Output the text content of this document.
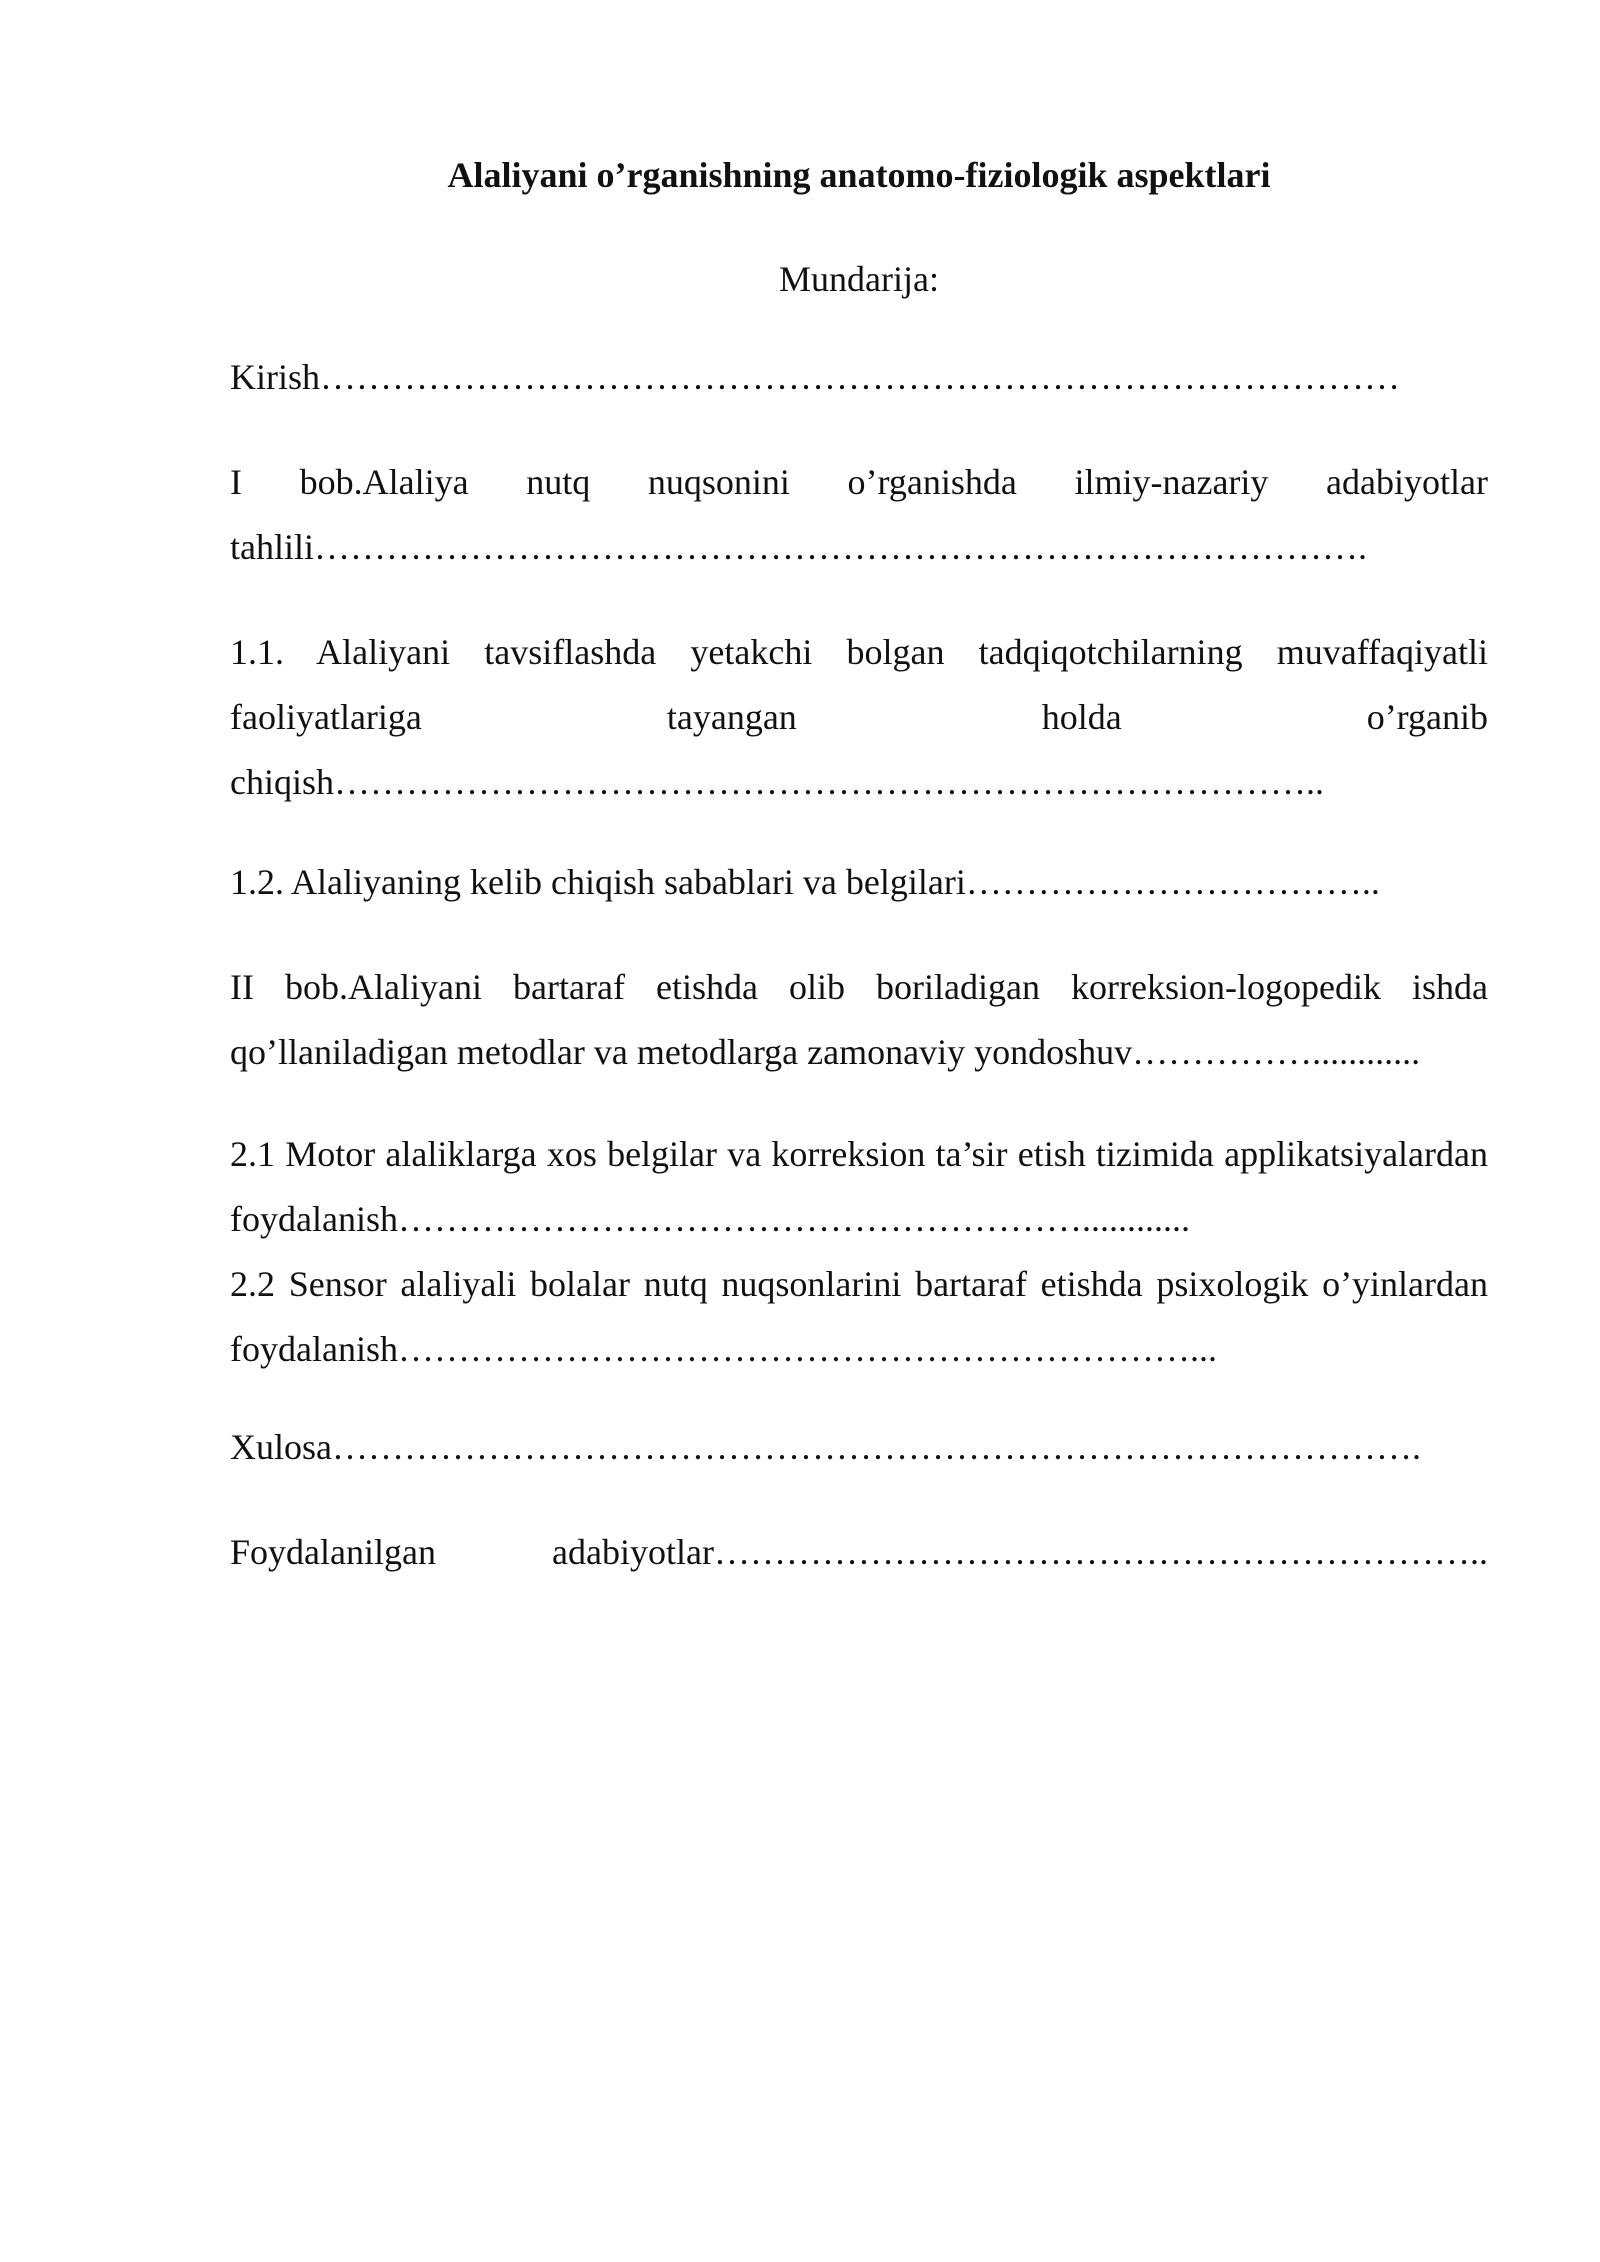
Alaliyani o’rganishning anatomo-fiziologik aspektlari
Mundarija:
Kirish………………………………………………………………………………
I bob.Alaliya nutq nuqsonini o’rganishda ilmiy-nazariy adabiyotlar tahlili…………………………………………………………………………….
1.1. Alaliyani tavsiflashda yetakchi bolgan tadqiqotchilarning muvaffaqiyatli faoliyatlariga tayangan holda o’rganib chiqish………………………………………………………………………..
1.2. Alaliyaning kelib chiqish sabablari va belgilari……………………………..
II bob.Alaliyani bartaraf etishda olib boriladigan korreksion-logopedik ishda qo’llaniladigan metodlar va metodlarga zamonaviy yondoshuv……………............
2.1 Motor alaliklarga xos belgilar va korreksion ta’sir etish tizimida applikatsiyalardan foydalanish…………………………………………………............
2.2 Sensor alaliyali bolalar nutq nuqsonlarini bartaraf etishda psixologik o’yinlardan foydalanish…………………………………………………………...
Xulosa……………………………………………………………………………….
Foydalanilgan adabiyotlar………………………………………………………..
